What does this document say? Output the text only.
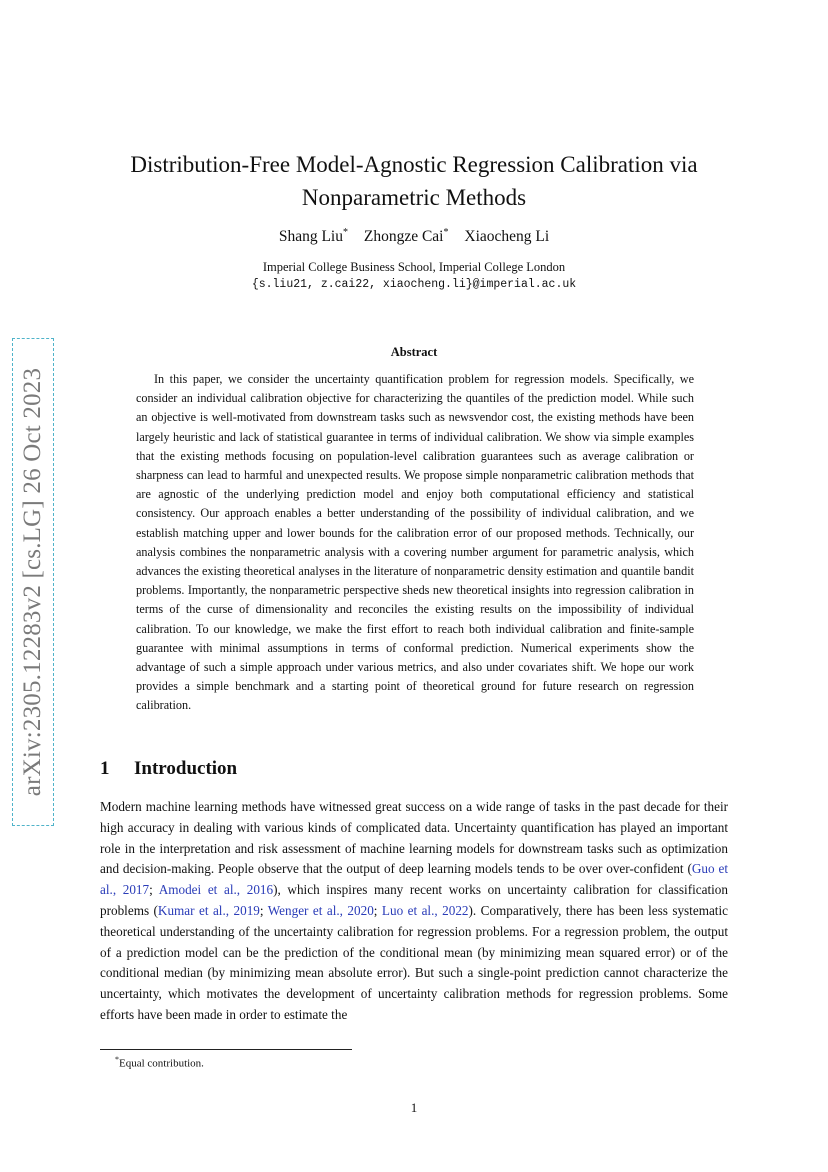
arXiv:2305.12283v2 [cs.LG] 26 Oct 2023
Distribution-Free Model-Agnostic Regression Calibration via
Nonparametric Methods
Shang Liu* Zhongze Cai* Xiaocheng Li
Imperial College Business School, Imperial College London
{s.liu21, z.cai22, xiaocheng.li}@imperial.ac.uk
Abstract
In this paper, we consider the uncertainty quantification problem for regression models. Specifically, we consider an individual calibration objective for characterizing the quantiles of the prediction model. While such an objective is well-motivated from downstream tasks such as newsvendor cost, the existing methods have been largely heuristic and lack of statistical guarantee in terms of individual calibration. We show via simple examples that the existing methods focusing on population-level calibration guarantees such as average calibration or sharpness can lead to harmful and unexpected results. We propose simple nonparametric calibration methods that are agnostic of the underlying prediction model and enjoy both computational efficiency and statistical consistency. Our approach enables a better understanding of the possibility of individual calibration, and we establish matching upper and lower bounds for the calibration error of our proposed methods. Technically, our analysis combines the nonparametric analysis with a covering number argument for parametric analysis, which advances the existing theoretical analyses in the literature of nonparametric density estimation and quantile bandit problems. Importantly, the nonparametric perspective sheds new theoretical insights into regression calibration in terms of the curse of dimensionality and reconciles the existing results on the impossibility of individual calibration. To our knowledge, we make the first effort to reach both individual calibration and finite-sample guarantee with minimal assumptions in terms of conformal prediction. Numerical experiments show the advantage of such a simple approach under various metrics, and also under covariates shift. We hope our work provides a simple benchmark and a starting point of theoretical ground for future research on regression calibration.
1 Introduction
Modern machine learning methods have witnessed great success on a wide range of tasks in the past decade for their high accuracy in dealing with various kinds of complicated data. Uncertainty quantification has played an important role in the interpretation and risk assessment of machine learning models for downstream tasks such as optimization and decision-making. People observe that the output of deep learning models tends to be over over-confident (Guo et al., 2017; Amodei et al., 2016), which inspires many recent works on uncertainty calibration for classification problems (Kumar et al., 2019; Wenger et al., 2020; Luo et al., 2022). Comparatively, there has been less systematic theoretical understanding of the uncertainty calibration for regression problems. For a regression problem, the output of a prediction model can be the prediction of the conditional mean (by minimizing mean squared error) or of the conditional median (by minimizing mean absolute error). But such a single-point prediction cannot characterize the uncertainty, which motivates the development of uncertainty calibration methods for regression problems. Some efforts have been made in order to estimate the
*Equal contribution.
1
